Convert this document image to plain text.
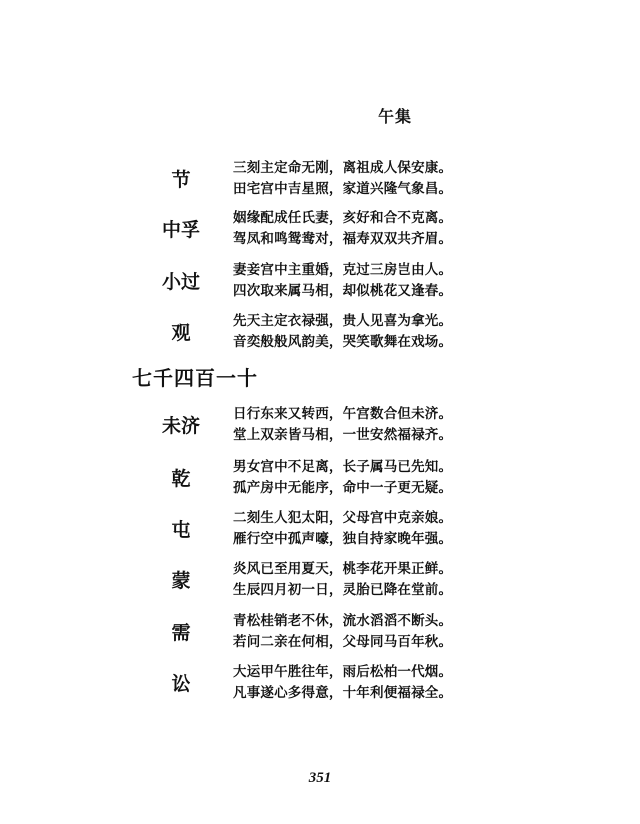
午集
节
三刻主定命无刚，离祖成人保安康。
田宅宫中吉星照，家道兴隆气象昌。
中孚
姻缘配成任氏妻，亥好和合不克离。
驾凤和鸣鸳鸯对，福寿双双共齐眉。
小过
妻妾宫中主重婚，克过三房岂由人。
四次取来属马相，却似桃花又逢春。
观
先天主定衣禄强，贵人见喜为拿光。
音奕般般风韵美，哭笑歌舞在戏场。
七千四百一十
未济
日行东来又转西，午宫数合但未济。
堂上双亲皆马相，一世安然福禄齐。
乾
男女宫中不足离，长子属马已先知。
孤产房中无能序，命中一子更无疑。
屯
二刻生人犯太阳，父母宫中克亲娘。
雁行空中孤声嚎，独自持家晚年强。
蒙
炎风已至用夏天，桃李花开果正鲜。
生辰四月初一日，灵胎已降在堂前。
需
青松桂销老不休，流水滔滔不断头。
若问二亲在何相，父母同马百年秋。
讼
大运甲午胜往年，雨后松柏一代烟。
凡事遂心多得意，十年利便福禄全。
351
